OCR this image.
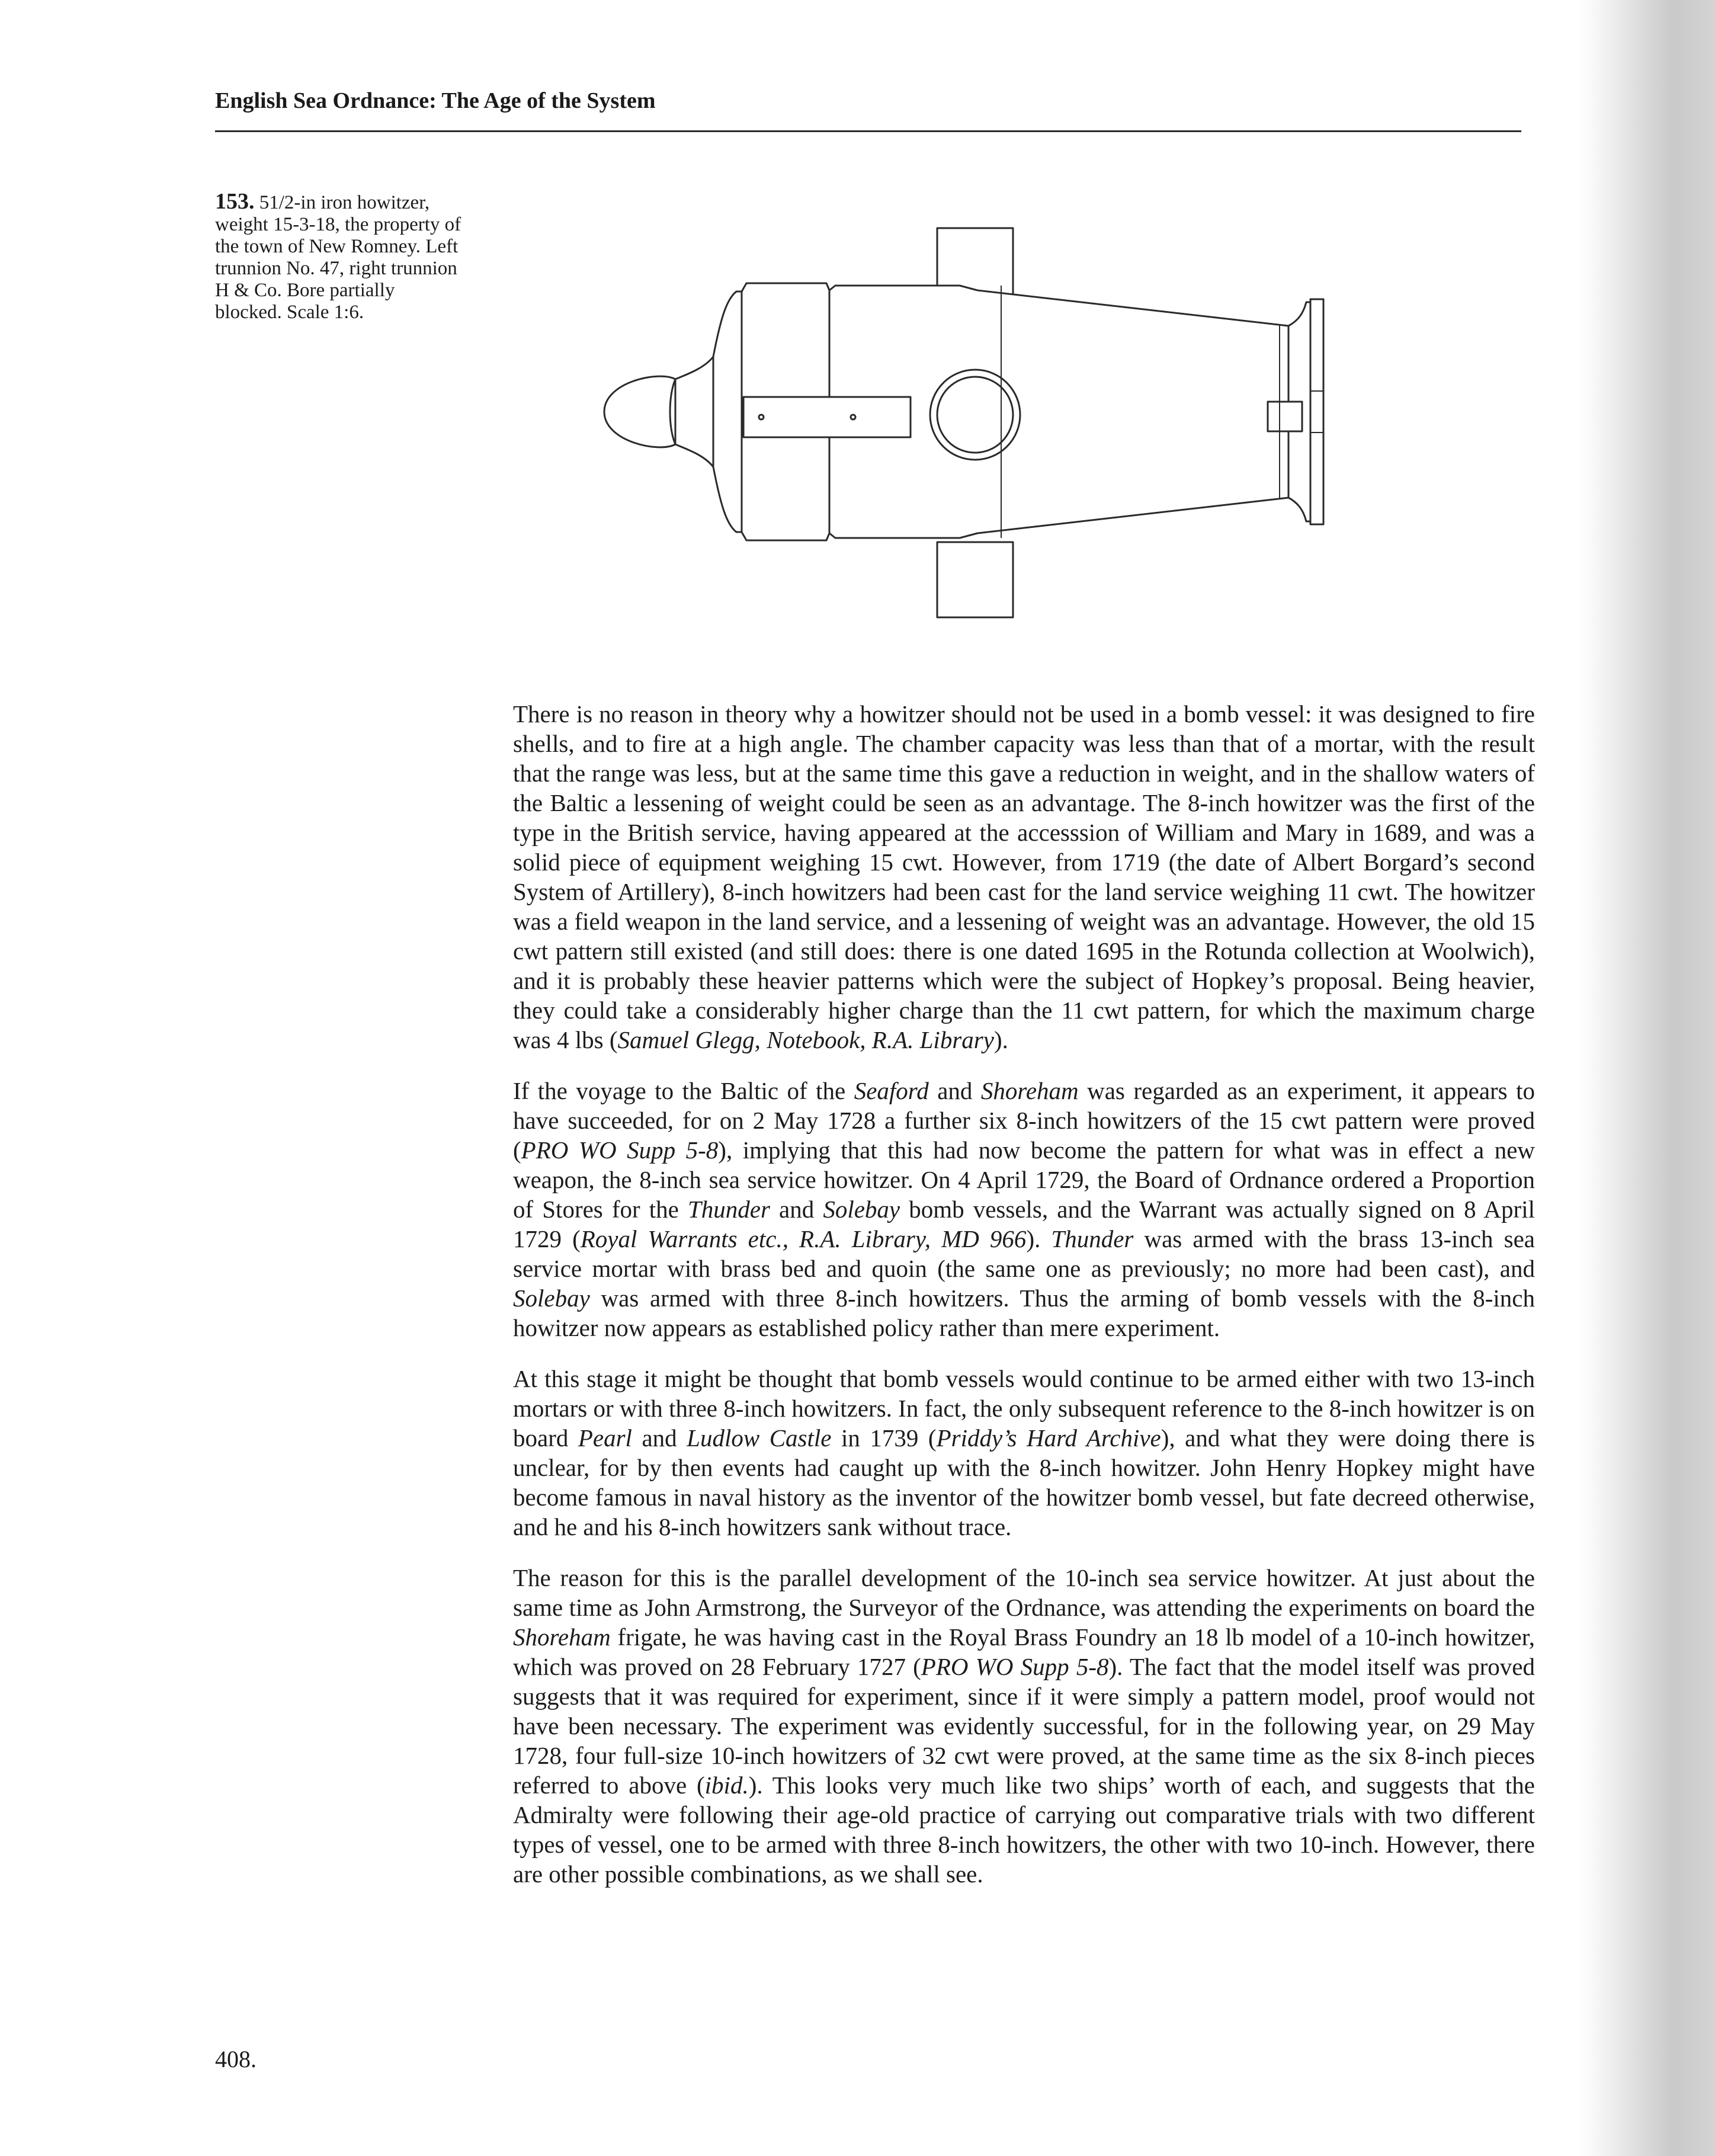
English Sea Ordnance: The Age of the System
153. 51/2-in iron howitzer, weight 15-3-18, the property of the town of New Romney. Left trunnion No. 47, right trunnion H & Co. Bore partially blocked. Scale 1:6.

There is no reason in theory why a howitzer should not be used in a bomb vessel: it was designed to fire shells, and to fire at a high angle. The chamber capacity was less than that of a mortar, with the result that the range was less, but at the same time this gave a reduction in weight, and in the shallow waters of the Baltic a lessening of weight could be seen as an advantage. The 8-inch howitzer was the first of the type in the British service, having appeared at the accesssion of William and Mary in 1689, and was a solid piece of equipment weighing 15 cwt. However, from 1719 (the date of Albert Borgard’s second System of Artillery), 8-inch howitzers had been cast for the land service weighing 11 cwt. The howitzer was a field weapon in the land service, and a lessening of weight was an advantage. However, the old 15 cwt pattern still existed (and still does: there is one dated 1695 in the Rotunda collection at Woolwich), and it is probably these heavier patterns which were the subject of Hopkey’s proposal. Being heavier, they could take a considerably higher charge than the 11 cwt pattern, for which the maximum charge was 4 lbs (Samuel Glegg, Notebook, R.A. Library).

If the voyage to the Baltic of the Seaford and Shoreham was regarded as an experiment, it appears to have succeeded, for on 2 May 1728 a further six 8-inch howitzers of the 15 cwt pattern were proved (PRO WO Supp 5-8), implying that this had now become the pattern for what was in effect a new weapon, the 8-inch sea service howitzer. On 4 April 1729, the Board of Ordnance ordered a Proportion of Stores for the Thunder and Solebay bomb vessels, and the Warrant was actually signed on 8 April 1729 (Royal Warrants etc., R.A. Library, MD 966). Thunder was armed with the brass 13-inch sea service mortar with brass bed and quoin (the same one as previously; no more had been cast), and Solebay was armed with three 8-inch howitzers. Thus the arming of bomb vessels with the 8-inch howitzer now appears as established policy rather than mere experiment.

At this stage it might be thought that bomb vessels would continue to be armed either with two 13-inch mortars or with three 8-inch howitzers. In fact, the only subsequent reference to the 8-inch howitzer is on board Pearl and Ludlow Castle in 1739 (Priddy’s Hard Archive), and what they were doing there is unclear, for by then events had caught up with the 8-inch howitzer. John Henry Hopkey might have become famous in naval history as the inventor of the howitzer bomb vessel, but fate decreed otherwise, and he and his 8-inch howitzers sank without trace.

The reason for this is the parallel development of the 10-inch sea service howitzer. At just about the same time as John Armstrong, the Surveyor of the Ordnance, was attending the experiments on board the Shoreham frigate, he was having cast in the Royal Brass Foundry an 18 lb model of a 10-inch howitzer, which was proved on 28 February 1727 (PRO WO Supp 5-8). The fact that the model itself was proved suggests that it was required for experiment, since if it were simply a pattern model, proof would not have been necessary. The experiment was evidently successful, for in the following year, on 29 May 1728, four full-size 10-inch howitzers of 32 cwt were proved, at the same time as the six 8-inch pieces referred to above (ibid.). This looks very much like two ships’ worth of each, and suggests that the Admiralty were following their age-old practice of carrying out comparative trials with two different types of vessel, one to be armed with three 8-inch howitzers, the other with two 10-inch. However, there are other possible combinations, as we shall see.

408.
